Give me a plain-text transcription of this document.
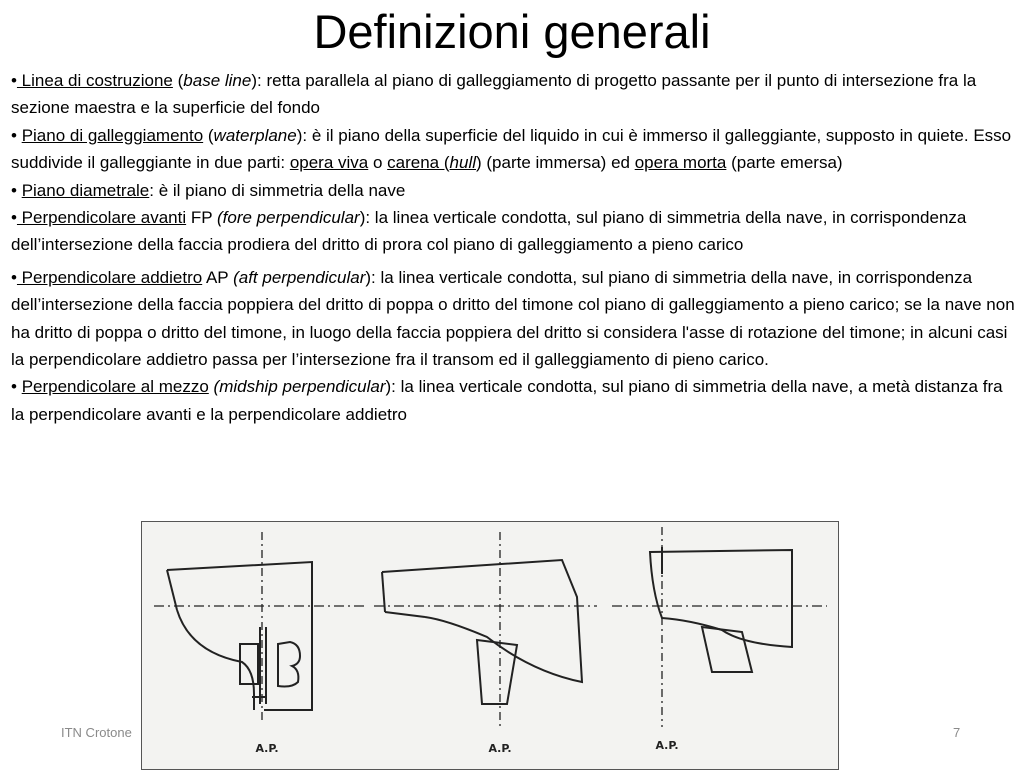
Definizioni generali

• Linea di costruzione (base line): retta parallela al piano di galleggiamento di progetto passante per il punto di intersezione fra la sezione maestra e la superficie del fondo

• Piano di galleggiamento (waterplane): è il piano della superficie del liquido in cui è immerso il galleggiante, supposto in quiete. Esso suddivide il galleggiante in due parti: opera viva o carena (hull) (parte immersa) ed opera morta (parte emersa)

• Piano diametrale: è il piano di simmetria della nave

• Perpendicolare avanti FP (fore perpendicular): la linea verticale condotta, sul piano di simmetria della nave, in corrispondenza dell’intersezione della faccia prodiera del dritto di prora col piano di galleggiamento a pieno carico

• Perpendicolare addietro AP (aft perpendicular): la linea verticale condotta, sul piano di simmetria della nave, in corrispondenza dell’intersezione della faccia poppiera del dritto di poppa o dritto del timone col piano di galleggiamento a pieno carico; se la nave non ha dritto di poppa o dritto del timone, in luogo della faccia poppiera del dritto si considera l'asse di rotazione del timone; in alcuni casi la perpendicolare addietro passa per l’intersezione fra il transom ed il galleggiamento di pieno carico.

• Perpendicolare al mezzo (midship perpendicular): la linea verticale condotta, sul piano di simmetria della nave, a metà distanza fra la perpendicolare avanti e la perpendicolare addietro

A.P.	A.P.	A.P.
ITN Crotone	7
